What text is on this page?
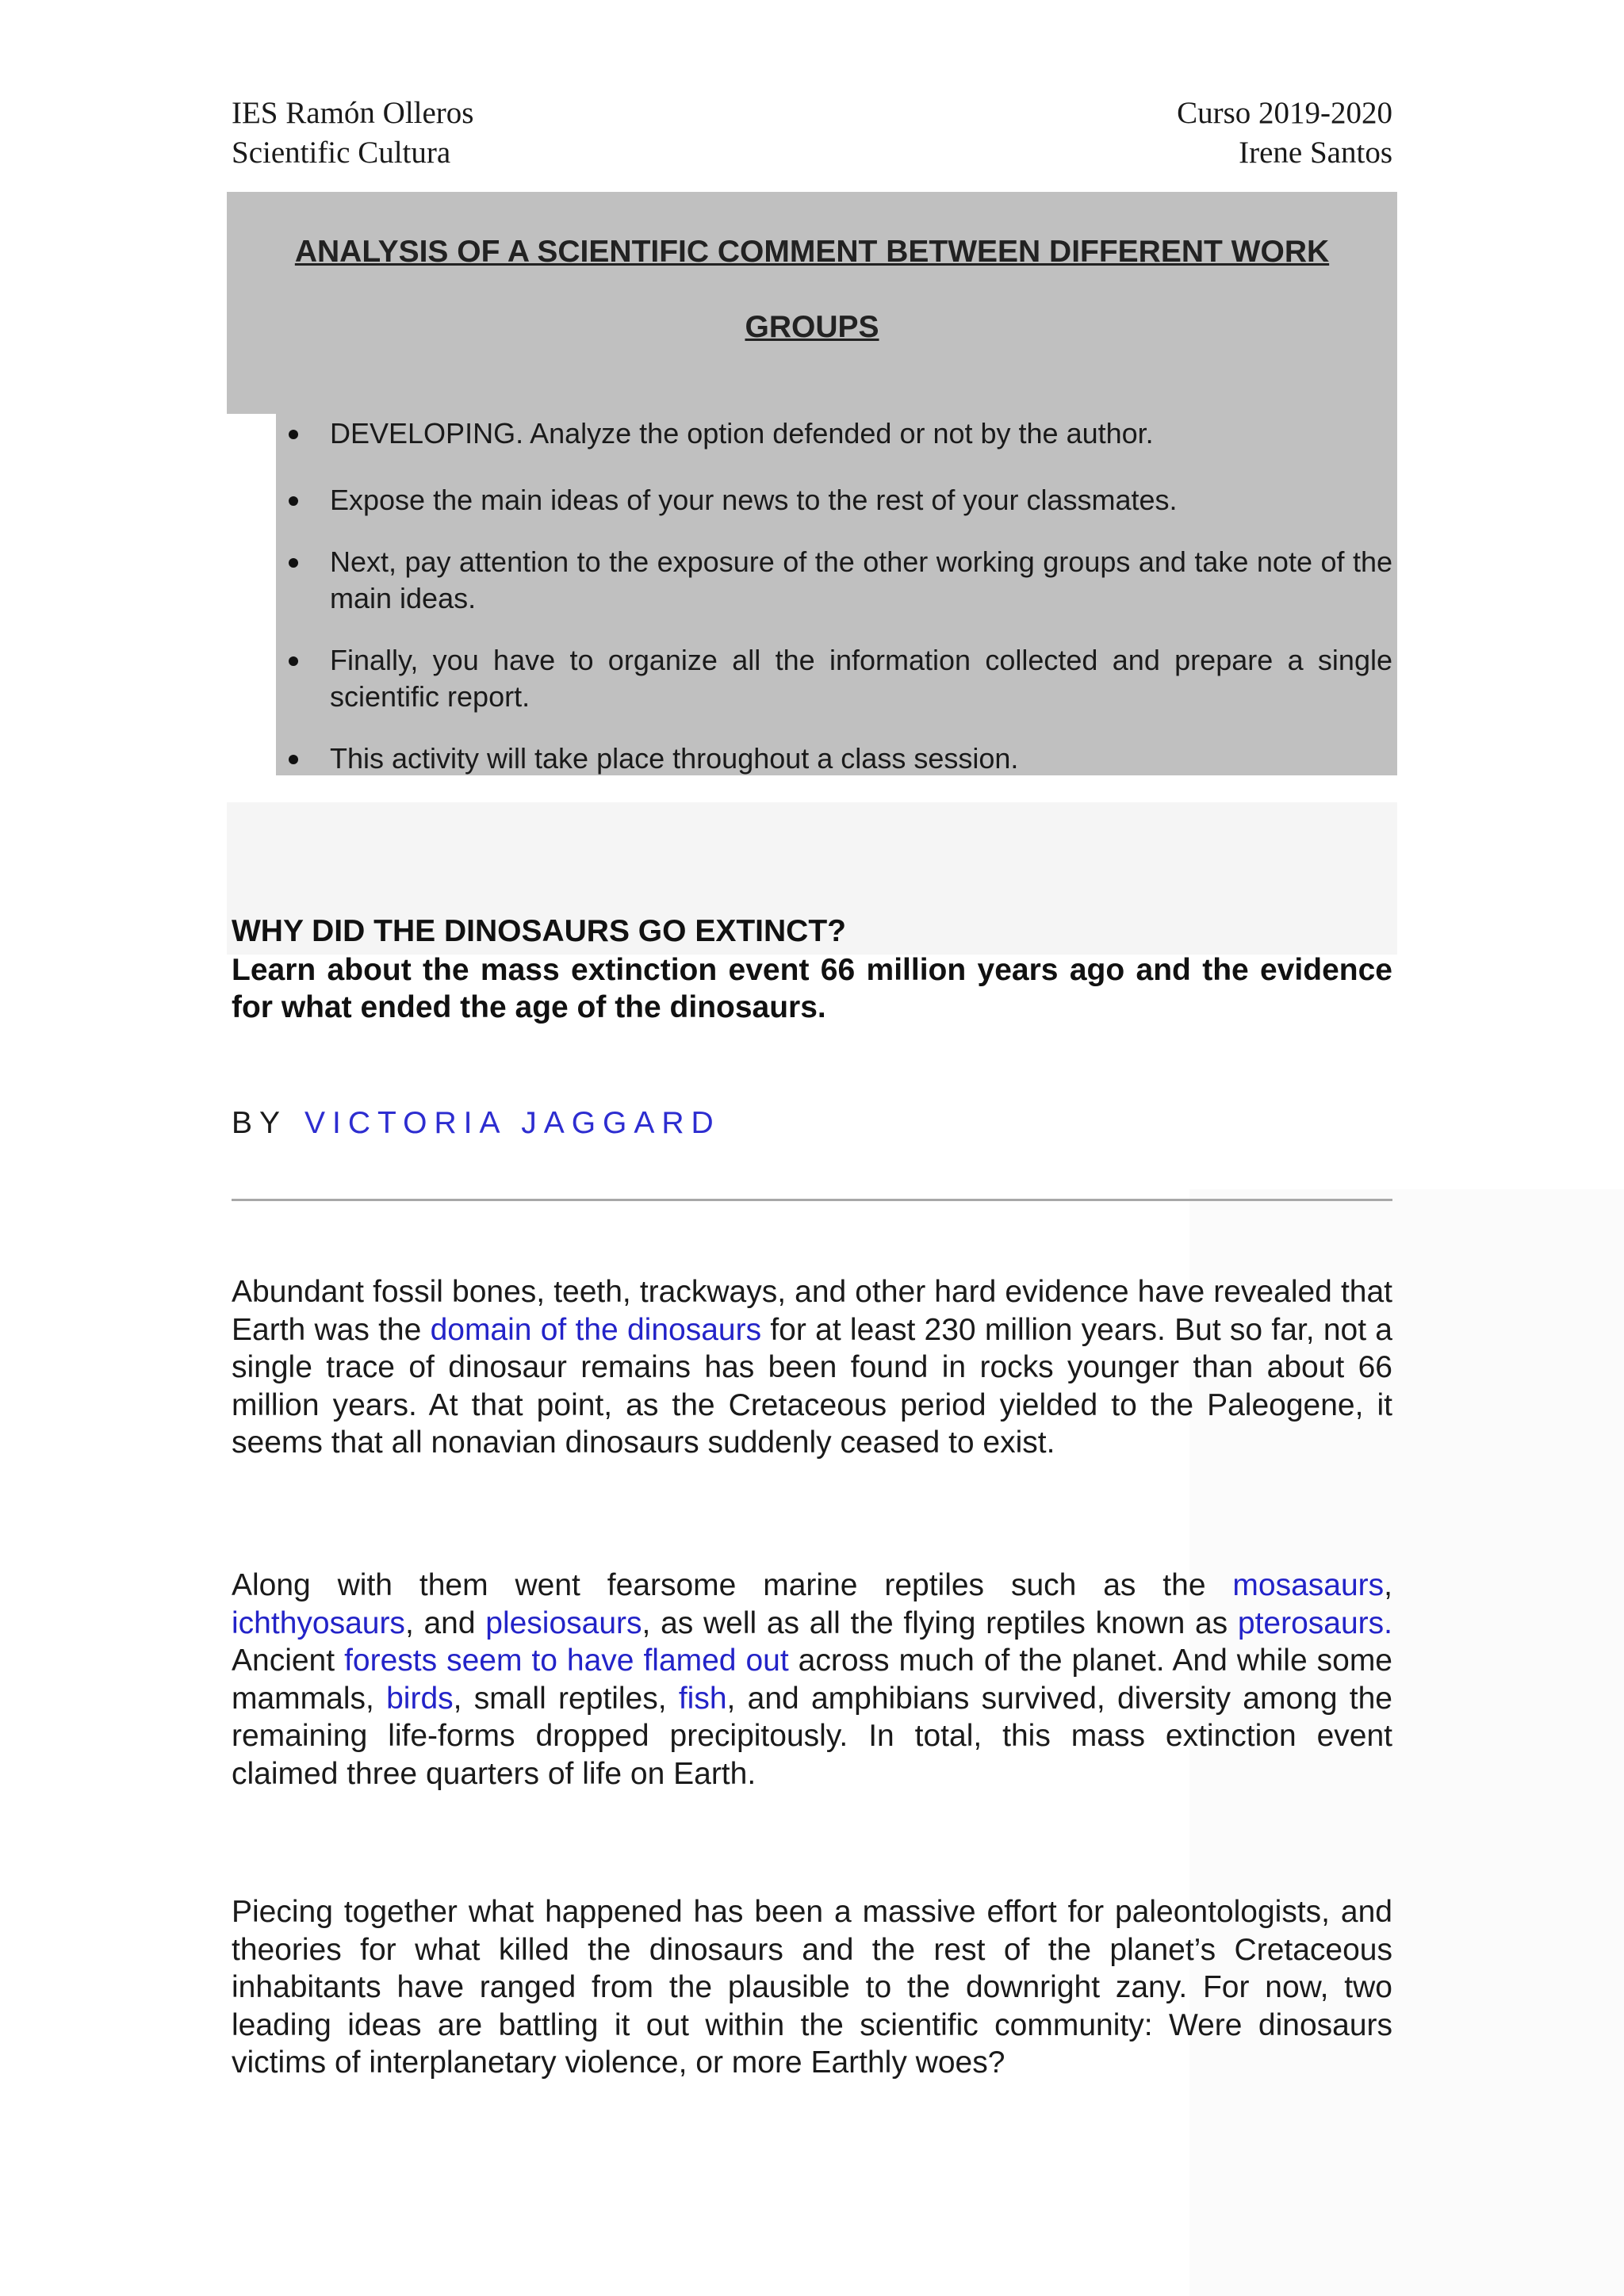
IES Ramón Olleros
Scientific Cultura
Curso 2019-2020
Irene Santos
ANALYSIS OF A SCIENTIFIC COMMENT BETWEEN DIFFERENT WORK
GROUPS
DEVELOPING. Analyze the option defended or not by the author.
Expose the main ideas of your news to the rest of your classmates.
Next, pay attention to the exposure of the other working groups and take note of the main ideas.
Finally, you have to organize all the information collected and prepare a single scientific report.
This activity will take place throughout a class session.
WHY DID THE DINOSAURS GO EXTINCT?
Learn about the mass extinction event 66 million years ago and the evidence for what ended the age of the dinosaurs.
BY VICTORIA JAGGARD

Abundant fossil bones, teeth, trackways, and other hard evidence have revealed that Earth was the domain of the dinosaurs for at least 230 million years. But so far, not a single trace of dinosaur remains has been found in rocks younger than about 66 million years. At that point, as the Cretaceous period yielded to the Paleogene, it seems that all nonavian dinosaurs suddenly ceased to exist.

Along with them went fearsome marine reptiles such as the mosasaurs, ichthyosaurs, and plesiosaurs, as well as all the flying reptiles known as pterosaurs. Ancient forests seem to have flamed out across much of the planet. And while some mammals, birds, small reptiles, fish, and amphibians survived, diversity among the remaining life-forms dropped precipitously. In total, this mass extinction event claimed three quarters of life on Earth.

Piecing together what happened has been a massive effort for paleontologists, and theories for what killed the dinosaurs and the rest of the planet’s Cretaceous inhabitants have ranged from the plausible to the downright zany. For now, two leading ideas are battling it out within the scientific community: Were dinosaurs victims of interplanetary violence, or more Earthly woes?
